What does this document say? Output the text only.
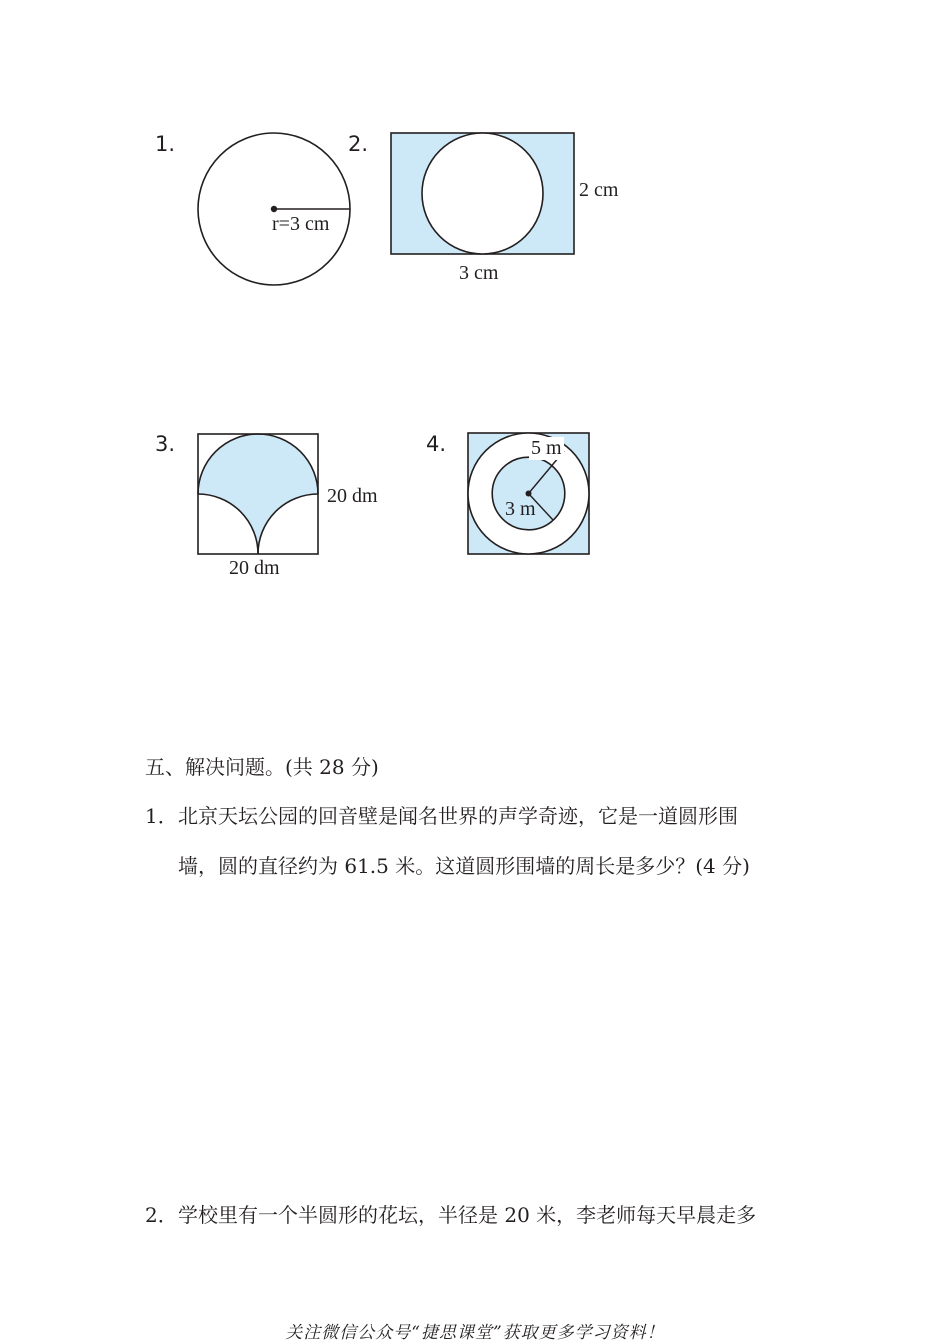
1.
r=3 cm
2.
2 cm
3 cm
3.
20 dm
20 dm
4.	5 m
3 m
五、解决问题。(共 28 分)
1． 北京天坛公园的回音壁是闻名世界的声学奇迹，它是一道圆形围
墙，圆的直径约为 61.5 米。这道圆形围墙的周长是多少？(4 分)
2． 学校里有一个半圆形的花坛，半径是 20 米，李老师每天早晨走多
关注微信公众号“捷思课堂”获取更多学习资料！
